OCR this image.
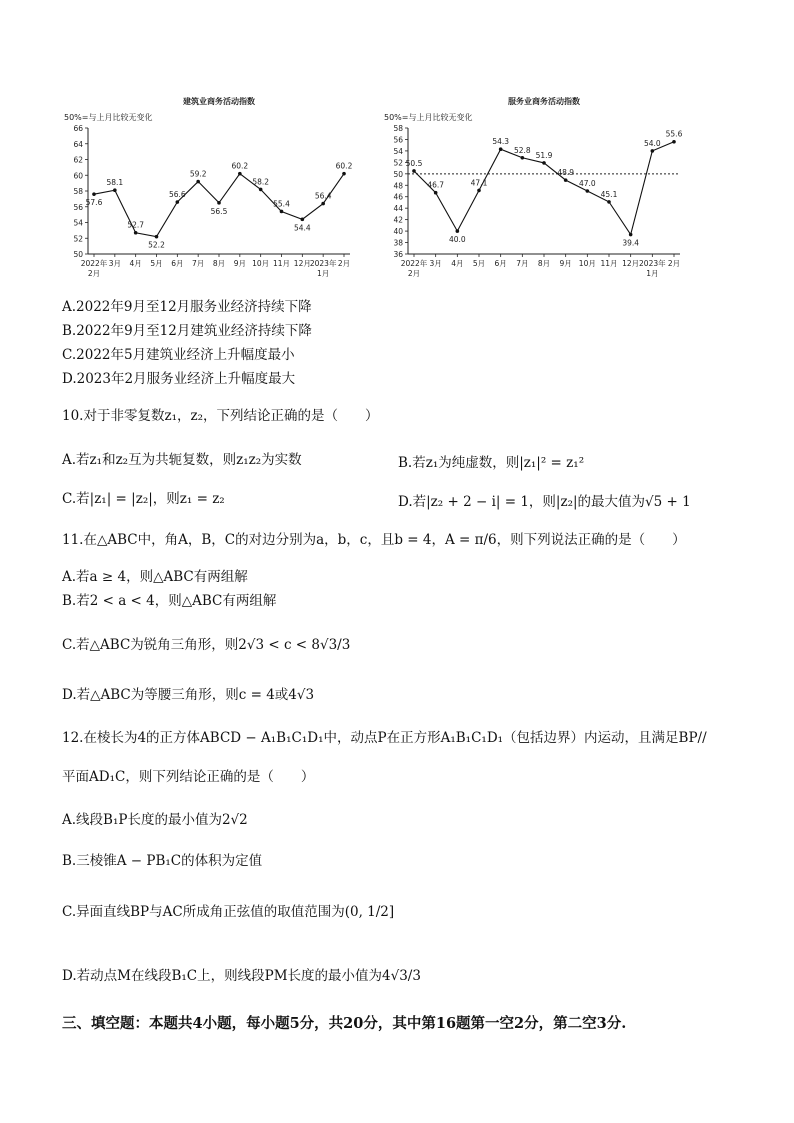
建筑业商务活动指数
50%=与上月比较无变化
50
52
54
56
58
60
62
64
66
2022年 2月
3月 4月 5月 6月 7月 8月 9月 10月 11月 12月 2023年 1月
2月
57.6
58.1
52.7
52.2
56.6
59.2
56.5
60.2
58.2
55.4
54.4
56.4
60.2
服务业商务活动指数
50%=与上月比较无变化
36
38
40
42
44
46
48
50
52
54
56
58
2022年 2月
3月 4月 5月 6月 7月 8月 9月 10月 11月 12月 2023年 1月
2月
50.5
46.7
40.0
47.1
54.3
52.8
51.9
48.9
47.0
45.1
39.4
54.0
55.6
A.2022年9月至12月服务业经济持续下降
B.2022年9月至12月建筑业经济持续下降
C.2022年5月建筑业经济上升幅度最小
D.2023年2月服务业经济上升幅度最大
10.对于非零复数z₁，z₂，下列结论正确的是（　　）
A.若z₁和z₂互为共轭复数，则z₁z₂为实数	B.若z₁为纯虚数，则|z₁|² = z₁²
C.若|z₁| = |z₂|，则z₁ = z₂	D.若|z₂ + 2 − i| = 1，则|z₂|的最大值为√5 + 1
11.在△ABC中，角A，B，C的对边分别为a，b，c，且b = 4，A = π/6，则下列说法正确的是（　　）
A.若a ≥ 4，则△ABC有两组解
B.若2 < a < 4，则△ABC有两组解
C.若△ABC为锐角三角形，则2√3 < c < 8√3/3
D.若△ABC为等腰三角形，则c = 4或4√3
12.在棱长为4的正方体ABCD − A₁B₁C₁D₁中，动点P在正方形A₁B₁C₁D₁（包括边界）内运动，且满足BP//
平面AD₁C，则下列结论正确的是（　　）
A.线段B₁P长度的最小值为2√2
B.三棱锥A − PB₁C的体积为定值
C.异面直线BP与AC所成角正弦值的取值范围为(0, 1/2]
D.若动点M在线段B₁C上，则线段PM长度的最小值为4√3/3
三、填空题：本题共4小题，每小题5分，共20分，其中第16题第一空2分，第二空3分.
